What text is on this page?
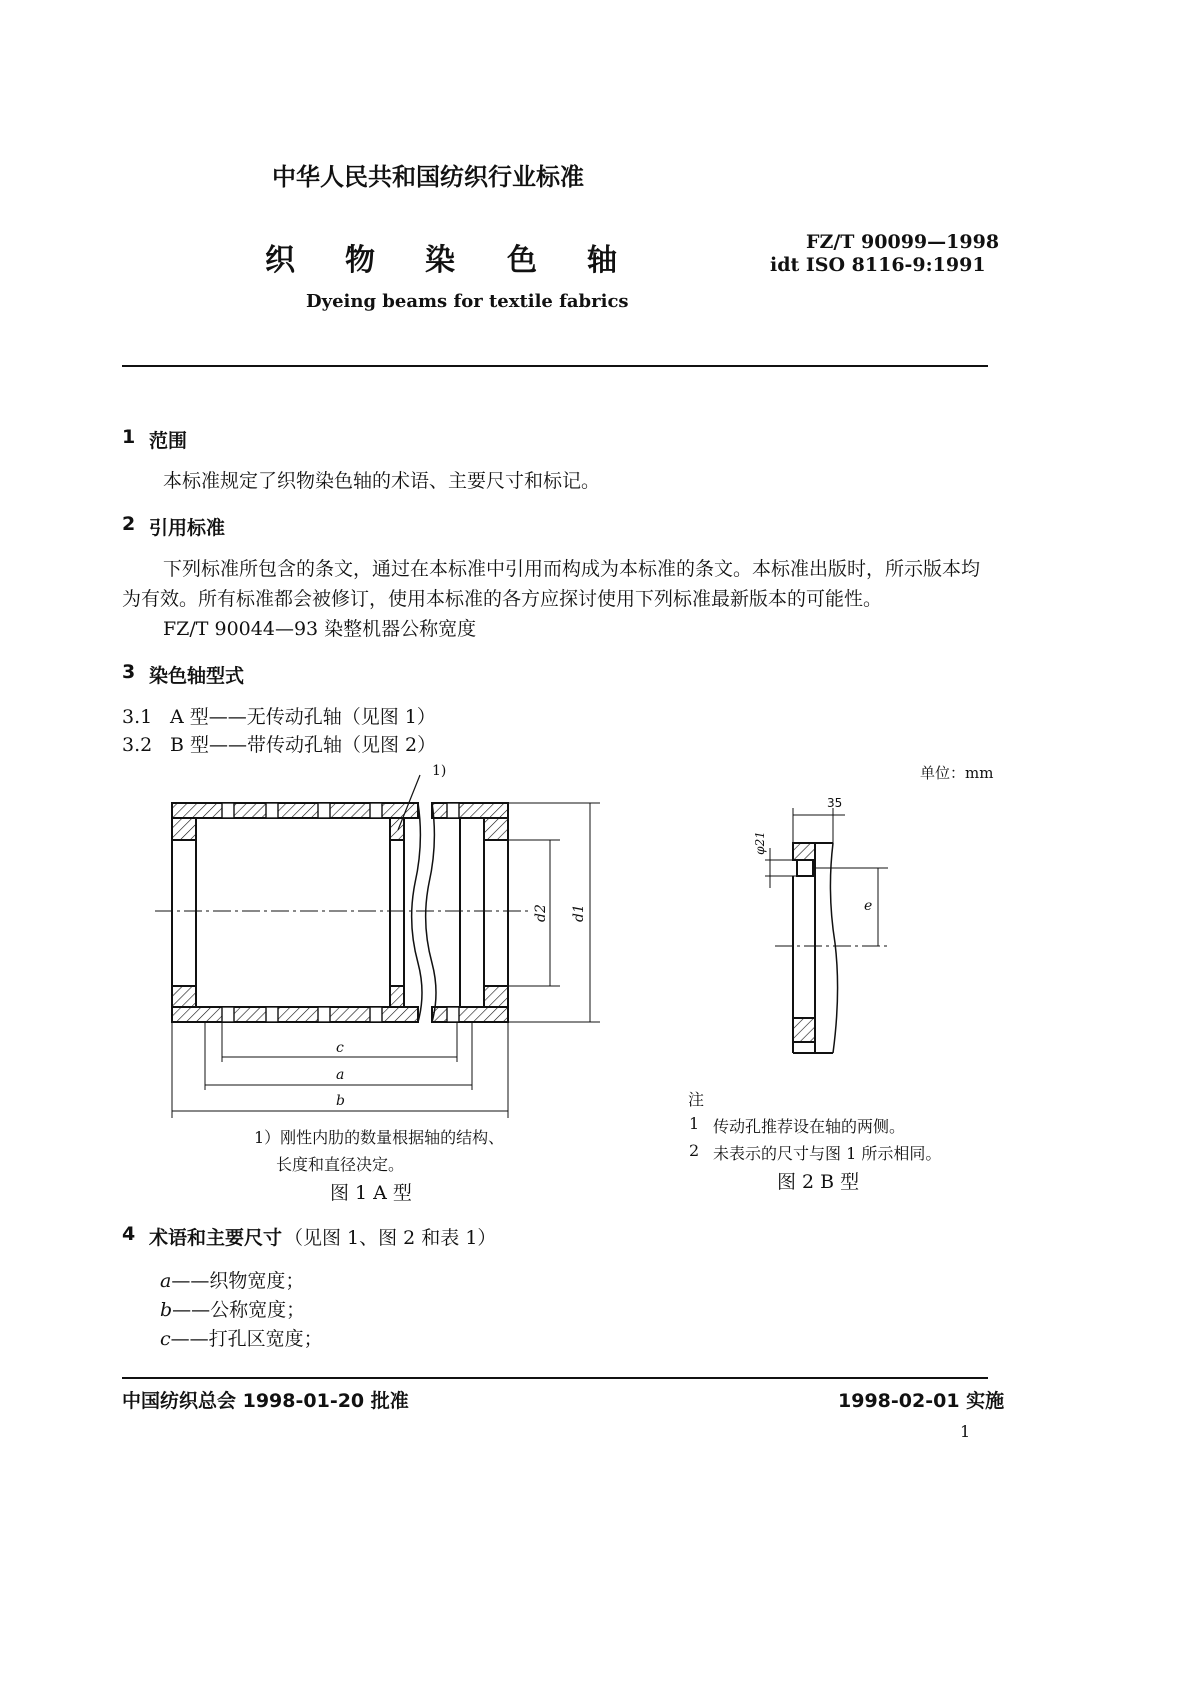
中华人民共和国纺织行业标准
织 物 染 色 轴
FZ/T 90099—1998
idt ISO 8116-9:1991
Dyeing beams for textile fabrics
1 范围
本标准规定了织物染色轴的术语、主要尺寸和标记。
2 引用标准
下列标准所包含的条文，通过在本标准中引用而构成为本标准的条文。本标准出版时，所示版本均
为有效。所有标准都会被修订，使用本标准的各方应探讨使用下列标准最新版本的可能性。
FZ/T 90044—93 染整机器公称宽度
3 染色轴型式
3.1 A 型——无传动孔轴（见图 1）
3.2 B 型——带传动孔轴（见图 2）
1)
d2 d1
c
a
b
1）刚性内肋的数量根据轴的结构、
长度和直径决定。
图 1 A 型
单位：mm
35
φ21
e
注
1 传动孔推荐设在轴的两侧。
2 未表示的尺寸与图 1 所示相同。
图 2 B 型
4 术语和主要尺寸 （见图 1、图 2 和表 1）
a——织物宽度；
b——公称宽度；
c——打孔区宽度；
中国纺织总会 1998-01-20 批准	1998-02-01 实施
1
